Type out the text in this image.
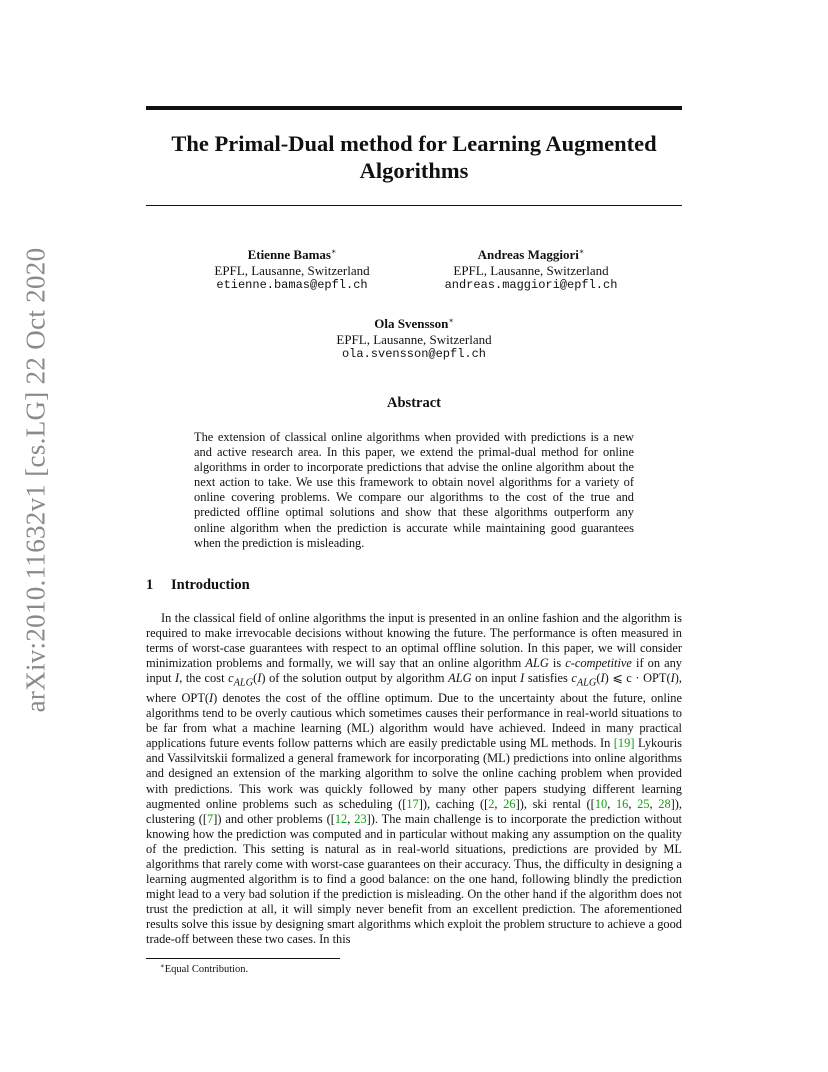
arXiv:2010.11632v1 [cs.LG] 22 Oct 2020
The Primal-Dual method for Learning Augmented Algorithms
Etienne Bamas∗
EPFL, Lausanne, Switzerland
etienne.bamas@epfl.ch
Andreas Maggiori∗
EPFL, Lausanne, Switzerland
andreas.maggiori@epfl.ch
Ola Svensson∗
EPFL, Lausanne, Switzerland
ola.svensson@epfl.ch
Abstract

The extension of classical online algorithms when provided with predictions is a new and active research area. In this paper, we extend the primal-dual method for online algorithms in order to incorporate predictions that advise the online algorithm about the next action to take. We use this framework to obtain novel algorithms for a variety of online covering problems. We compare our algorithms to the cost of the true and predicted offline optimal solutions and show that these algorithms outperform any online algorithm when the prediction is accurate while maintaining good guarantees when the prediction is misleading.

1 Introduction

In the classical field of online algorithms the input is presented in an online fashion and the algorithm is required to make irrevocable decisions without knowing the future. The performance is often measured in terms of worst-case guarantees with respect to an optimal offline solution. In this paper, we will consider minimization problems and formally, we will say that an online algorithm ALG is c-competitive if on any input I, the cost $c_{ALG}(I)$ of the solution output by algorithm ALG on input I satisfies $c_{ALG}(I)$ ⩽ c · OPT(I), where OPT(I) denotes the cost of the offline optimum. Due to the uncertainty about the future, online algorithms tend to be overly cautious which sometimes causes their performance in real-world situations to be far from what a machine learning (ML) algorithm would have achieved. Indeed in many practical applications future events follow patterns which are easily predictable using ML methods. In [19] Lykouris and Vassilvitskii formalized a general framework for incorporating (ML) predictions into online algorithms and designed an extension of the marking algorithm to solve the online caching problem when provided with predictions. This work was quickly followed by many other papers studying different learning augmented online problems such as scheduling ([17]), caching ([2, 26]), ski rental ([10, 16, 25, 28]), clustering ([7]) and other problems ([12, 23]). The main challenge is to incorporate the prediction without knowing how the prediction was computed and in particular without making any assumption on the quality of the prediction. This setting is natural as in real-world situations, predictions are provided by ML algorithms that rarely come with worst-case guarantees on their accuracy. Thus, the difficulty in designing a learning augmented algorithm is to find a good balance: on the one hand, following blindly the prediction might lead to a very bad solution if the prediction is misleading. On the other hand if the algorithm does not trust the prediction at all, it will simply never benefit from an excellent prediction. The aforementioned results solve this issue by designing smart algorithms which exploit the problem structure to achieve a good trade-off between these two cases. In this

∗Equal Contribution.
